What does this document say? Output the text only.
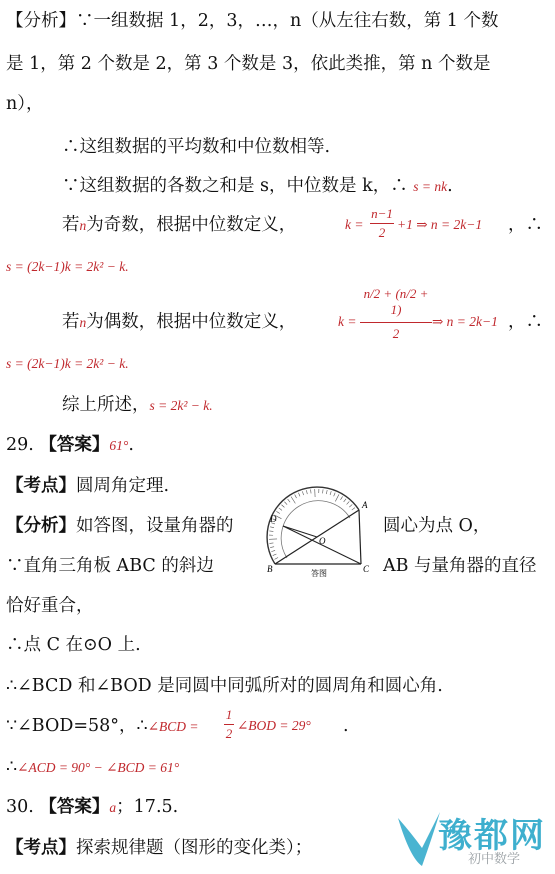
【分析】∵一组数据 1，2，3，…，n（从左往右数，第 1 个数
是 1，第 2 个数是 2，第 3 个数是 3，依此类推，第 n 个数是
n），
∴这组数据的平均数和中位数相等.
∵这组数据的各数之和是 s，中位数是 k，∴ s = nk.
若n为奇数，根据中位数定义，	k =
n−1
2
+1 ⇒ n = 2k−1 ，∴
s = (2k−1)k = 2k² − k.
若n为偶数，根据中位数定义，	k =
n/2 + (n/2 + 1)
2
⇒ n = 2k−1 ，∴
s = (2k−1)k = 2k² − k.
综上所述，s = 2k² − k.
29. 【答案】61°.
【考点】圆周角定理.
【分析】如答图，设量角器的	圆心为点 O，
∵直角三角板 ABC 的斜边	AB 与量角器的直径
恰好重合，
D
A
O
B	C
答图
∴点 C 在⊙O 上.
∴∠BCD 和∠BOD 是同圆中同弧所对的圆周角和圆心角.
∵∠BOD=58°，∴∠BCD =
1
2
∠BOD = 29° .
∴∠ACD = 90° − ∠BCD = 61°
30. 【答案】a；17.5.
【考点】探索规律题（图形的变化类）；	豫都网
初中数学
